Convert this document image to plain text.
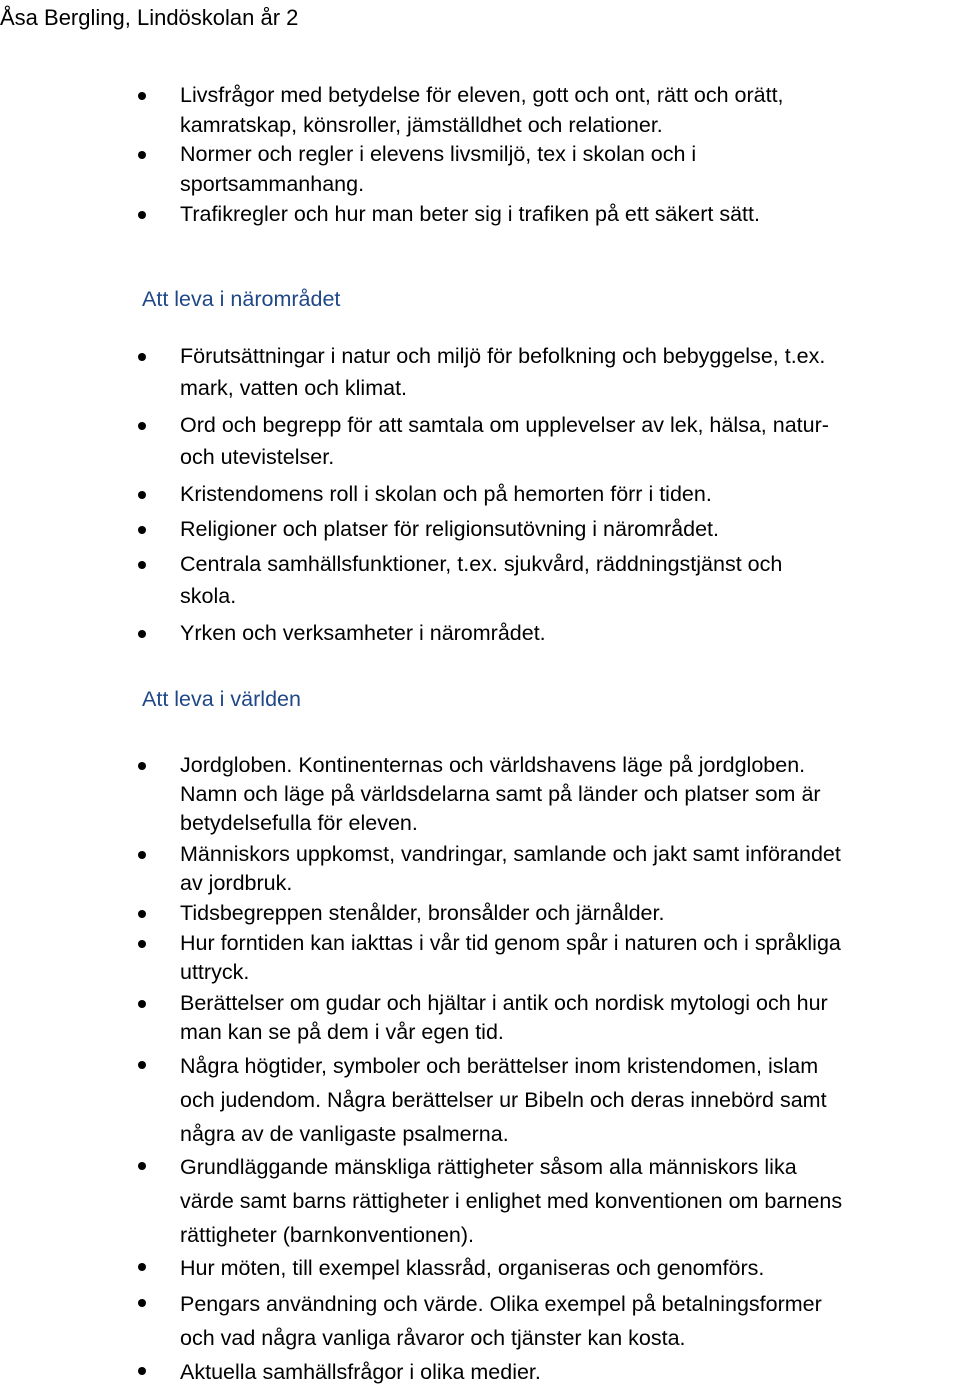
Åsa Bergling, Lindöskolan år 2
Livsfrågor med betydelse för eleven, gott och ont, rätt och orätt,
kamratskap, könsroller, jämställdhet och relationer.
Normer och regler i elevens livsmiljö, tex i skolan och i
sportsammanhang.
Trafikregler och hur man beter sig i trafiken på ett säkert sätt.
Att leva i närområdet
Förutsättningar i natur och miljö för befolkning och bebyggelse, t.ex.
mark, vatten och klimat.
Ord och begrepp för att samtala om upplevelser av lek, hälsa, natur-
och utevistelser.
Kristendomens roll i skolan och på hemorten förr i tiden.
Religioner och platser för religionsutövning i närområdet.
Centrala samhällsfunktioner, t.ex. sjukvård, räddningstjänst och
skola.
Yrken och verksamheter i närområdet.
Att leva i världen
Jordgloben. Kontinenternas och världshavens läge på jordgloben.
Namn och läge på världsdelarna samt på länder och platser som är
betydelsefulla för eleven.
Människors uppkomst, vandringar, samlande och jakt samt införandet
av jordbruk.
Tidsbegreppen stenålder, bronsålder och järnålder.
Hur forntiden kan iakttas i vår tid genom spår i naturen och i språkliga
uttryck.
Berättelser om gudar och hjältar i antik och nordisk mytologi och hur
man kan se på dem i vår egen tid.
Några högtider, symboler och berättelser inom kristendomen, islam
och judendom. Några berättelser ur Bibeln och deras innebörd samt
några av de vanligaste psalmerna.
Grundläggande mänskliga rättigheter såsom alla människors lika
värde samt barns rättigheter i enlighet med konventionen om barnens
rättigheter (barnkonventionen).
Hur möten, till exempel klassråd, organiseras och genomförs.
Pengars användning och värde. Olika exempel på betalningsformer
och vad några vanliga råvaror och tjänster kan kosta.
Aktuella samhällsfrågor i olika medier.
